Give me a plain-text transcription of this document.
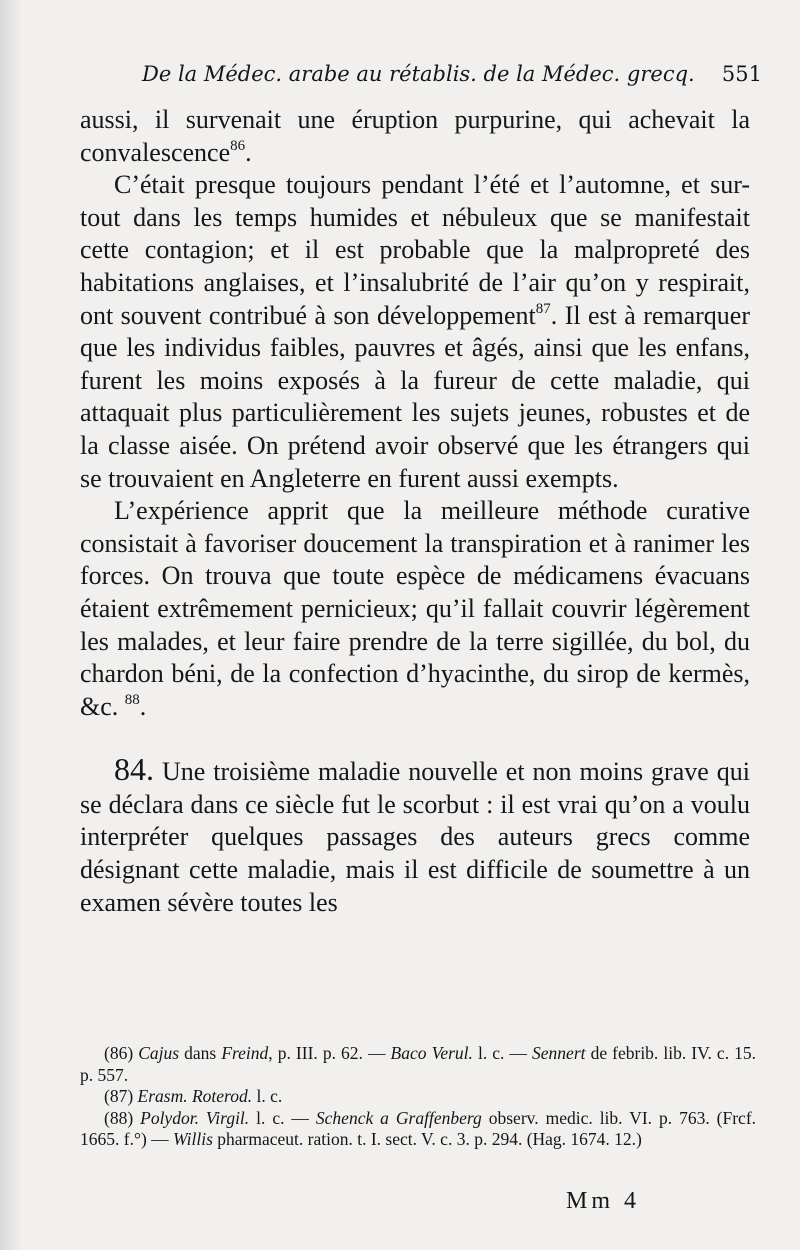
De la Médec. arabe au rétablis. de la Médec. grecq. 551

aussi, il survenait une éruption purpurine, qui achevait la convalescence$^{86}$.

C’était presque toujours pendant l’été et l’automne, et sur-tout dans les temps humides et nébuleux que se manifestait cette contagion; et il est probable que la malpropreté des habitations anglaises, et l’insalubrité de l’air qu’on y respirait, ont souvent contribué à son développement$^{87}$. Il est à remarquer que les individus faibles, pauvres et âgés, ainsi que les enfans, furent les moins exposés à la fureur de cette maladie, qui attaquait plus particulièrement les sujets jeunes, robustes et de la classe aisée. On prétend avoir observé que les étrangers qui se trouvaient en Angleterre en furent aussi exempts.

L’expérience apprit que la meilleure méthode curative consistait à favoriser doucement la transpiration et à ranimer les forces. On trouva que toute espèce de médicamens évacuans étaient extrêmement pernicieux; qu’il fallait couvrir légèrement les malades, et leur faire prendre de la terre sigillée, du bol, du chardon béni, de la confection d’hyacinthe, du sirop de kermès, &c. $^{88}$.

84. Une troisième maladie nouvelle et non moins grave qui se déclara dans ce siècle fut le scorbut : il est vrai qu’on a voulu interpréter quelques passages des auteurs grecs comme désignant cette maladie, mais il est difficile de soumettre à un examen sévère toutes les

(86) Cajus dans Freind, p. III. p. 62. — Baco Verul. l. c. — Sennert de febrib. lib. IV. c. 15. p. 557.

(87) Erasm. Roterod. l. c.

(88) Polydor. Virgil. l. c. — Schenck a Graffenberg observ. medic. lib. VI. p. 763. (Frcf. 1665. f.°) — Willis pharmaceut. ration. t. I. sect. V. c. 3. p. 294. (Hag. 1674. 12.)

Mm 4
